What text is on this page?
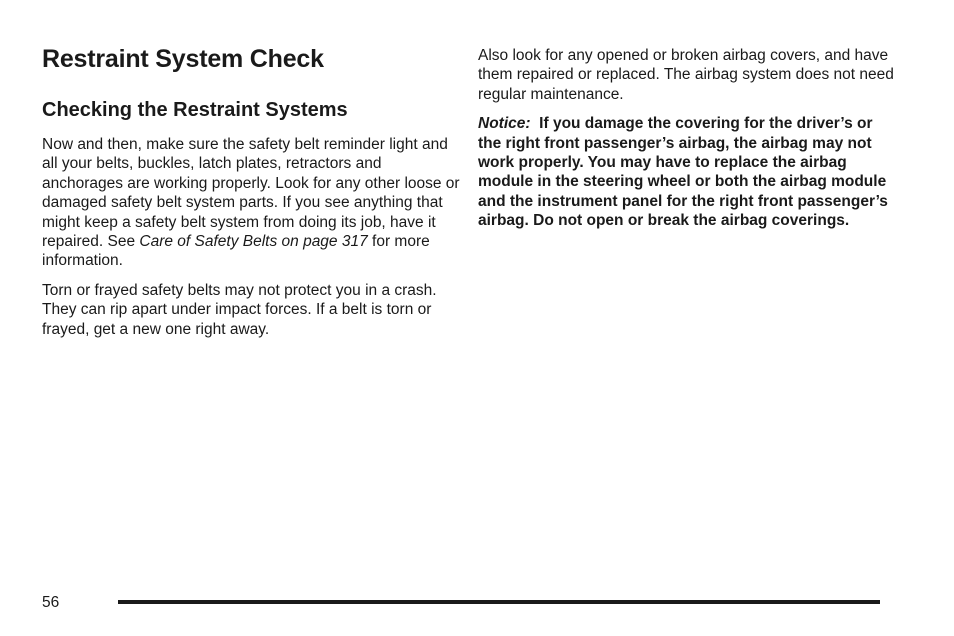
Restraint System Check
Checking the Restraint Systems

Now and then, make sure the safety belt reminder light and all your belts, buckles, latch plates, retractors and anchorages are working properly. Look for any other loose or damaged safety belt system parts. If you see anything that might keep a safety belt system from doing its job, have it repaired. See Care of Safety Belts on page 317 for more information.

Torn or frayed safety belts may not protect you in a crash. They can rip apart under impact forces. If a belt is torn or frayed, get a new one right away.

Also look for any opened or broken airbag covers, and have them repaired or replaced. The airbag system does not need regular maintenance.

Notice: If you damage the covering for the driver’s or the right front passenger’s airbag, the airbag may not work properly. You may have to replace the airbag module in the steering wheel or both the airbag module and the instrument panel for the right front passenger’s airbag. Do not open or break the airbag coverings.

56
